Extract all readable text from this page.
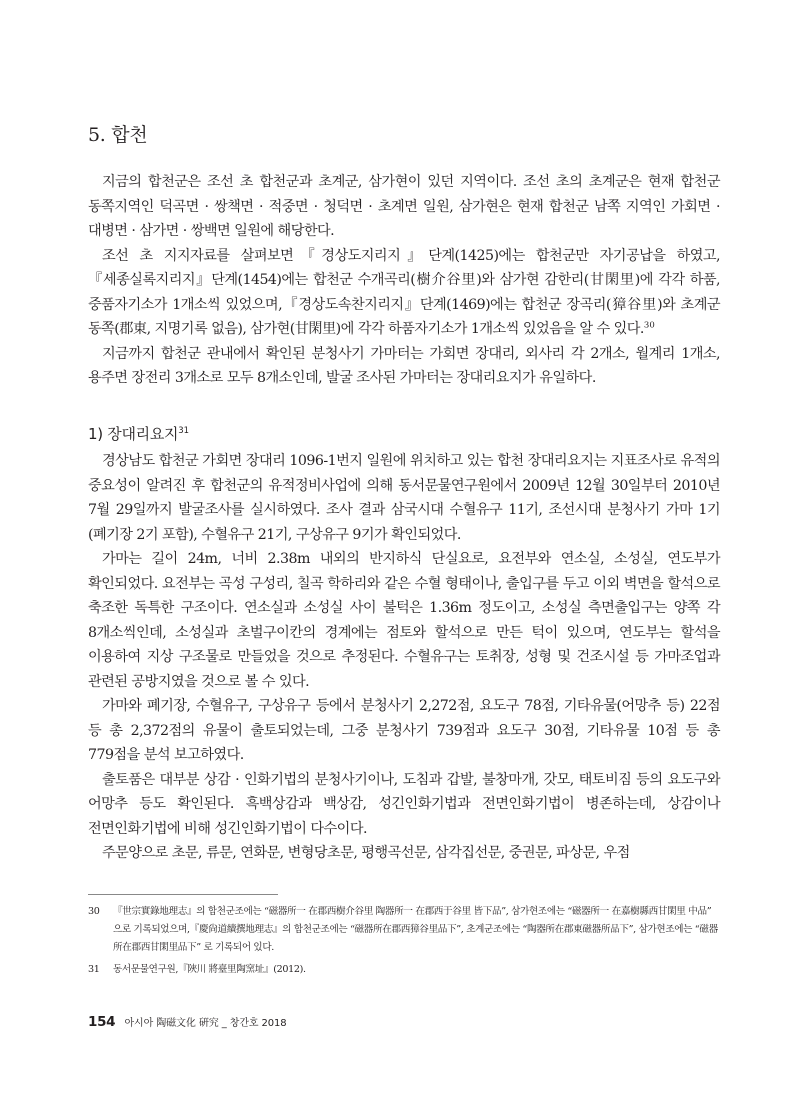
5. 합천

지금의 합천군은 조선 초 합천군과 초계군, 삼가현이 있던 지역이다. 조선 초의 초계군은 현재 합천군 동쪽지역인 덕곡면 · 쌍책면 · 적중면 · 청덕면 · 초계면 일원, 삼가현은 현재 합천군 남쪽 지역인 가회면 · 대병면 · 삼가면 · 쌍백면 일원에 해당한다.

조선 초 지지자료를 살펴보면『경상도지리지』단계(1425)에는 합천군만 자기공납을 하였고,『세종실록지리지』단계(1454)에는 합천군 수개곡리(樹介谷里)와 삼가현 감한리(甘閑里)에 각각 하품, 중품자기소가 1개소씩 있었으며,『경상도속찬지리지』단계(1469)에는 합천군 장곡리(獐谷里)와 초계군 동쪽(郡東, 지명기록 없음), 삼가현(甘閑里)에 각각 하품자기소가 1개소씩 있었음을 알 수 있다.$^{30}$

지금까지 합천군 관내에서 확인된 분청사기 가마터는 가회면 장대리, 외사리 각 2개소, 월계리 1개소, 용주면 장전리 3개소로 모두 8개소인데, 발굴 조사된 가마터는 장대리요지가 유일하다.

1) 장대리요지$^{31}$

경상남도 합천군 가회면 장대리 1096-1번지 일원에 위치하고 있는 합천 장대리요지는 지표조사로 유적의 중요성이 알려진 후 합천군의 유적정비사업에 의해 동서문물연구원에서 2009년 12월 30일부터 2010년 7월 29일까지 발굴조사를 실시하였다. 조사 결과 삼국시대 수혈유구 11기, 조선시대 분청사기 가마 1기(폐기장 2기 포함), 수혈유구 21기, 구상유구 9기가 확인되었다.

가마는 길이 24m, 너비 2.38m 내외의 반지하식 단실요로, 요전부와 연소실, 소성실, 연도부가 확인되었다. 요전부는 곡성 구성리, 칠곡 학하리와 같은 수혈 형태이나, 출입구를 두고 이외 벽면을 할석으로 축조한 독특한 구조이다. 연소실과 소성실 사이 불턱은 1.36m 정도이고, 소성실 측면출입구는 양쪽 각 8개소씩인데, 소성실과 초벌구이칸의 경계에는 점토와 할석으로 만든 턱이 있으며, 연도부는 할석을 이용하여 지상 구조물로 만들었을 것으로 추정된다. 수혈유구는 토취장, 성형 및 건조시설 등 가마조업과 관련된 공방지였을 것으로 볼 수 있다.

가마와 폐기장, 수혈유구, 구상유구 등에서 분청사기 2,272점, 요도구 78점, 기타유물(어망추 등) 22점 등 총 2,372점의 유물이 출토되었는데, 그중 분청사기 739점과 요도구 30점, 기타유물 10점 등 총 779점을 분석 보고하였다.

출토품은 대부분 상감 · 인화기법의 분청사기이나, 도침과 갑발, 불창마개, 갓모, 태토비짐 등의 요도구와 어망추 등도 확인된다. 흑백상감과 백상감, 성긴인화기법과 전면인화기법이 병존하는데, 상감이나 전면인화기법에 비해 성긴인화기법이 다수이다.

주문양으로 초문, 류문, 연화문, 변형당초문, 평행곡선문, 삼각집선문, 중권문, 파상문, 우점

30 『世宗實錄地理志』의 합천군조에는 “磁器所一 在郡西樹介谷里 陶器所一 在郡西于谷里 皆下品”, 삼가현조에는 “磁器所一 在嘉樹縣西甘閑里 中品” 으로 기록되었으며,『慶尙道續撰地理志』의 합천군조에는 “磁器所在郡西獐谷里品下”, 초계군조에는 “陶器所在郡東磁器所品下”, 삼가현조에는 “磁器所在郡西甘閑里品下” 로 기록되어 있다.
31 동서문물연구원,『陜川 將臺里陶窯址』(2012).
154 아시아 陶磁文化 硏究 _ 창간호 2018
